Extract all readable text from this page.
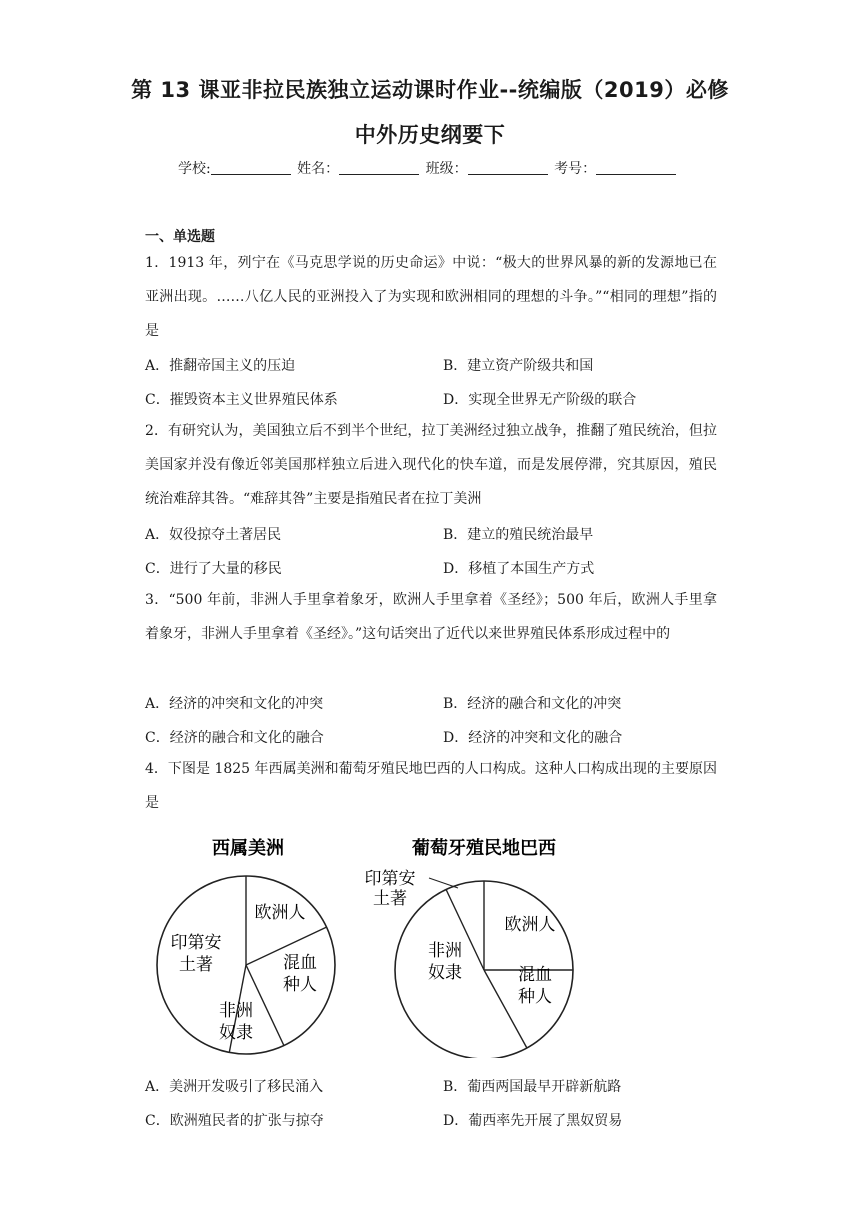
第 13 课亚非拉民族独立运动课时作业--统编版（2019）必修
中外历史纲要下
学校:	姓名：	班级：	考号：
一、单选题
1．1913 年，列宁在《马克思学说的历史命运》中说：“极大的世界风暴的新的发源地已在亚洲出现。……八亿人民的亚洲投入了为实现和欧洲相同的理想的斗争。”“相同的理想”指的是
A．推翻帝国主义的压迫	B．建立资产阶级共和国
C．摧毁资本主义世界殖民体系	D．实现全世界无产阶级的联合
2．有研究认为，美国独立后不到半个世纪，拉丁美洲经过独立战争，推翻了殖民统治，但拉美国家并没有像近邻美国那样独立后进入现代化的快车道，而是发展停滞，究其原因，殖民统治难辞其咎。“难辞其咎”主要是指殖民者在拉丁美洲
A．奴役掠夺土著居民	B．建立的殖民统治最早
C．进行了大量的移民	D．移植了本国生产方式
3．“500 年前，非洲人手里拿着象牙，欧洲人手里拿着《圣经》；500 年后，欧洲人手里拿着象牙，非洲人手里拿着《圣经》。”这句话突出了近代以来世界殖民体系形成过程中的
A．经济的冲突和文化的冲突	B．经济的融合和文化的冲突
C．经济的融合和文化的融合	D．经济的冲突和文化的融合
4．下图是 1825 年西属美洲和葡萄牙殖民地巴西的人口构成。这种人口构成出现的主要原因是
西属美洲	葡萄牙殖民地巴西
欧洲人
混血
种人
非洲
奴隶
印第安
土著
欧洲人
混血
种人
非洲
奴隶
印第安
土著
A．美洲开发吸引了移民涌入	B．葡西两国最早开辟新航路
C．欧洲殖民者的扩张与掠夺	D．葡西率先开展了黑奴贸易
